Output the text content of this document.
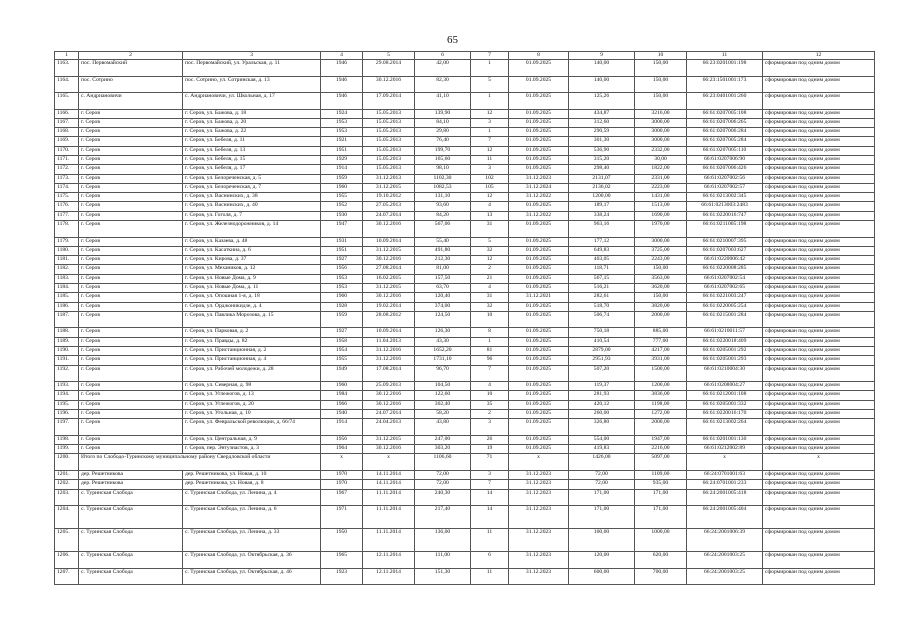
65
1	2	3	4	5	6	7	8	9	10	11	12
1163.	пос. Первомайский	пос. Первомайский, ул. Уральская, д. 11	1946	29.08.2014	42,00	1	01.09.2025	140,00	150,00	66:23:0201001:198	сформирован под одним домом
1164.	пос. Сотрино	пос. Сотрино, ул. Сотринская, д. 13	1946	30.12.2016	82,30	5	01.09.2025	140,00	150,00	66:23:1501001:173	сформирован под одним домом
1165.	с. Андриановичи	с. Андриановичи, ул. Школьная, д. 17	1946	17.09.2014	41,10	1	01.09.2025	125,26	150,00	66:23:0401001:260	сформирован под одним домом
1166.	г. Серов	г. Серов, ул. Бажова, д. 18	1924	15.05.2013	139,90	12	01.09.2025	434,87	3216,00	66:61:0207005:108	сформирован под одним домом
1167.	г. Серов	г. Серов, ул. Бажова, д. 20	1953	15.05.2013	84,10	3	01.09.2025	312,60	3000,00	66:61:0207006:265	сформирован под одним домом
1168.	г. Серов	г. Серов, ул. Бажова, д. 22	1953	15.05.2013	29,80	1	01.09.2025	290,59	3000,00	66:61:0207006:284	сформирован под одним домом
1169.	г. Серов	г. Серов, ул. Бебеля, д. 11	1921	15.05.2013	76,40	7	01.09.2025	301,30	3000,00	66:61:0207005:284	сформирован под одним домом
1170.	г. Серов	г. Серов, ул. Бебеля, д. 13	1951	15.05.2013	199,70	12	01.09.2025	536,90	2332,00	66:61:0207005:110	сформирован под одним домом
1171.	г. Серов	г. Серов, ул. Бебеля, д. 15	1929	15.05.2013	165,60	11	01.09.2025	315,20	30,00	66:61:0207006:90	сформирован под одним домом
1172.	г. Серов	г. Серов, ул. Бебеля, д. 17	1914	15.05.2013	98,10	3	01.09.2025	298,40	1822,00	66:61:0207006:426	сформирован под одним домом
1173.	г. Серов	г. Серов, ул. Белореченская, д. 5	1959	31.12.2013	1102,30	102	31.12.2023	2131,07	2331,00	66:61:0207002:56	сформирован под одним домом
1174.	г. Серов	г. Серов, ул. Белореченская, д. 7	1960	31.12.2015	1082,53	105	31.12.2024	2136,02	2223,00	66:61:0207002:57	сформирован под одним домом
1175.	г. Серов	г. Серов, ул. Васнинских, д. 38	1955	19.10.2012	131,10	12	31.12.2022	1200,00	1431,00	66:61:0213002:345	сформирован под одним домом
1176.	г. Серов	г. Серов, ул. Васнинских, д. 40	1952	27.05.2013	93,60	4	01.09.2025	189,17	1513,00	66:61:0213003:2483	сформирован под одним домом
1177.	г. Серов	г. Серов, ул. Гоголя, д. 7	1930	24.07.2014	84,20	13	31.12.2022	338,24	1690,00	66:61:0220016:747	сформирован под одним домом
1178.	г. Серов	г. Серов, ул. Железнодорожников, д. 14	1947	30.12.2016	567,06	31	01.09.2025	963,16	1970,00	66:61:0211005:198	сформирован под одним домом
1179.	г. Серов	г. Серов, ул. Казаева, д. 48	1931	10.09.2014	55,40	5	01.09.2025	177,12	3000,00	66:61:0210007:395	сформирован под одним домом
1180.	г. Серов	г. Серов, ул. Касаткина, д. 6	1951	31.12.2015	491,80	32	01.09.2025	649,83	3725,00	66:61:0207003:627	сформирован под одним домом
1181.	г. Серов	г. Серов, ул. Кирова, д. 37	1927	30.12.2016	212,30	12	01.09.2025	403,05	2243,00	66:61:0220006:42	сформирован под одним домом
1182.	г. Серов	г. Серов, ул. Механиков, д. 12	1956	27.08.2014	81,00	2	01.09.2025	118,71	150,00	66:61:0220008:285	сформирован под одним домом
1183.	г. Серов	г. Серов, ул. Новые Дома, д. 9	1953	16.02.2015	157,50	21	01.09.2025	567,15	3563,00	66:61:0207002:54	сформирован под одним домом
1184.	г. Серов	г. Серов, ул. Новые Дома, д. 11	1953	31.12.2015	63,70	4	01.09.2025	516,21	3620,00	66:61:0207002:65	сформирован под одним домом
1185.	г. Серов	г. Серов, ул. Опошная 1-я, д. 18	1960	30.12.2016	120,40	31	31.12.2021	282,61	150,00	66:61:0221003:247	сформирован под одним домом
1186.	г. Серов	г. Серов, ул. Орджоникидзе, д. 4	1928	19.02.2014	374,00	32	01.09.2025	518,70	3820,00	66:61:0220005:254	сформирован под одним домом
1187.	г. Серов	г. Серов, ул. Павлика Морозова, д. 15	1959	28.08.2012	124,50	10	01.09.2025	506,74	2000,00	66:61:0215001:284	сформирован под одним домом
1188.	г. Серов	г. Серов, ул. Парковая, д. 2	1927	10.09.2014	126,30	8	01.09.2025	750,18	885,00	66:61:0210011:57	сформирован под одним домом
1189.	г. Серов	г. Серов, ул. Правды, д. 82	1958	11.04.2013	43,30	1	01.09.2025	410,54	777,00	66:61:0220018:409	сформирован под одним домом
1190.	г. Серов	г. Серов, ул. Пристанционная, д. 2	1954	31.12.2016	1652,20	81	01.09.2025	2879,00	4217,00	66:61:0205001:292	сформирован под одним домом
1191.	г. Серов	г. Серов, ул. Пристанционная, д. 4	1955	31.12.2016	1731,10	96	01.09.2025	2951,93	3931,00	66:61:0205001:293	сформирован под одним домом
1192.	г. Серов	г. Серов, ул. Рабочей молодежи, д. 28	1949	17.08.2014	96,70	7	01.09.2025	507,20	1500,00	66:61:0210004:30	сформирован под одним домом
1193.	г. Серов	г. Серов, ул. Северная, д. 98	1960	25.09.2013	104,50	4	01.09.2025	119,37	1200,00	66:61:0208004:27	сформирован под одним домом
1194.	г. Серов	г. Серов, ул. Углежогов, д. 13	1984	30.12.2016	122,60	10	01.09.2025	281,93	3836,00	66:61:0212001:108	сформирован под одним домом
1195.	г. Серов	г. Серов, ул. Углежогов, д. 20	1966	30.12.2016	302,40	35	01.09.2025	420,12	1198,00	66:61:0205001:332	сформирован под одним домом
1196.	г. Серов	г. Серов, ул. Угольная, д. 10	1940	24.07.2014	58,20	2	01.09.2025	260,00	1272,00	66:61:0220016:170	сформирован под одним домом
1197.	г. Серов	г. Серов, ул. Февральской революции, д. 66/74	1914	24.04.2013	43,80	3	01.09.2025	326,80	2000,00	66:61:0213002:264	сформирован под одним домом
1198.	г. Серов	г. Серов, ул. Центральная, д. 9	1956	31.12.2015	247,00	26	01.09.2025	554,00	1947,00	66:61:0201001:130	сформирован под одним домом
1199.	г. Серов	г. Серов, пер. Энтузиастов, д. 3	1964	30.12.2016	303,20	19	01.09.2025	419,83	2216,00	66:61:0212002:89	сформирован под одним домом
1200.	Итого по Слободо-Туринскому муниципальному району Свердловской области		x	x	1106,60	71	x	1426,00	5097,00	x	x
1201.	дер. Решетникова	дер. Решетникова, ул. Новая, д. 10	1970	14.11.2014	72,00	3	31.12.2023	72,00	1109,00	66:24:0701001:63	сформирован под одним домом
1202.	дер. Решетникова	дер. Решетникова, ул. Новая, д. 8	1970	14.11.2014	72,00	7	31.12.2023	72,00	935,00	66:24:0701001:233	сформирован под одним домом
1203.	с. Туринская Слобода	с. Туринская Слобода, ул. Ленина, д. 4	1967	11.11.2014	240,30	14	31.12.2023	171,00	171,00	66:24:2001005:418	сформирован под одним домом
1204.	с. Туринская Слобода	с. Туринская Слобода, ул. Ленина, д. 6	1971	11.11.2014	217,40	14	31.12.2023	171,00	171,00	66:24:2001005:404	сформирован под одним домом
1205.	с. Туринская Слобода	с. Туринская Слобода, ул. Ленина, д. 33	1950	11.11.2014	136,00	11	31.12.2023	100,00	1000,00	66:24:2001006:39	сформирован под одним домом
1206.	с. Туринская Слобода	с. Туринская Слобода, ул. Октябрьская, д. 36	1965	12.11.2014	111,00	6	31.12.2023	120,00	620,00	66:24:2001003:25	сформирован под одним домом
1207.	с. Туринская Слобода	с. Туринская Слобода, ул. Октябрьская, д. 46	1923	12.11.2014	151,30	11	31.12.2023	600,00	700,00	66:24:2001003:25	сформирован под одним домом
